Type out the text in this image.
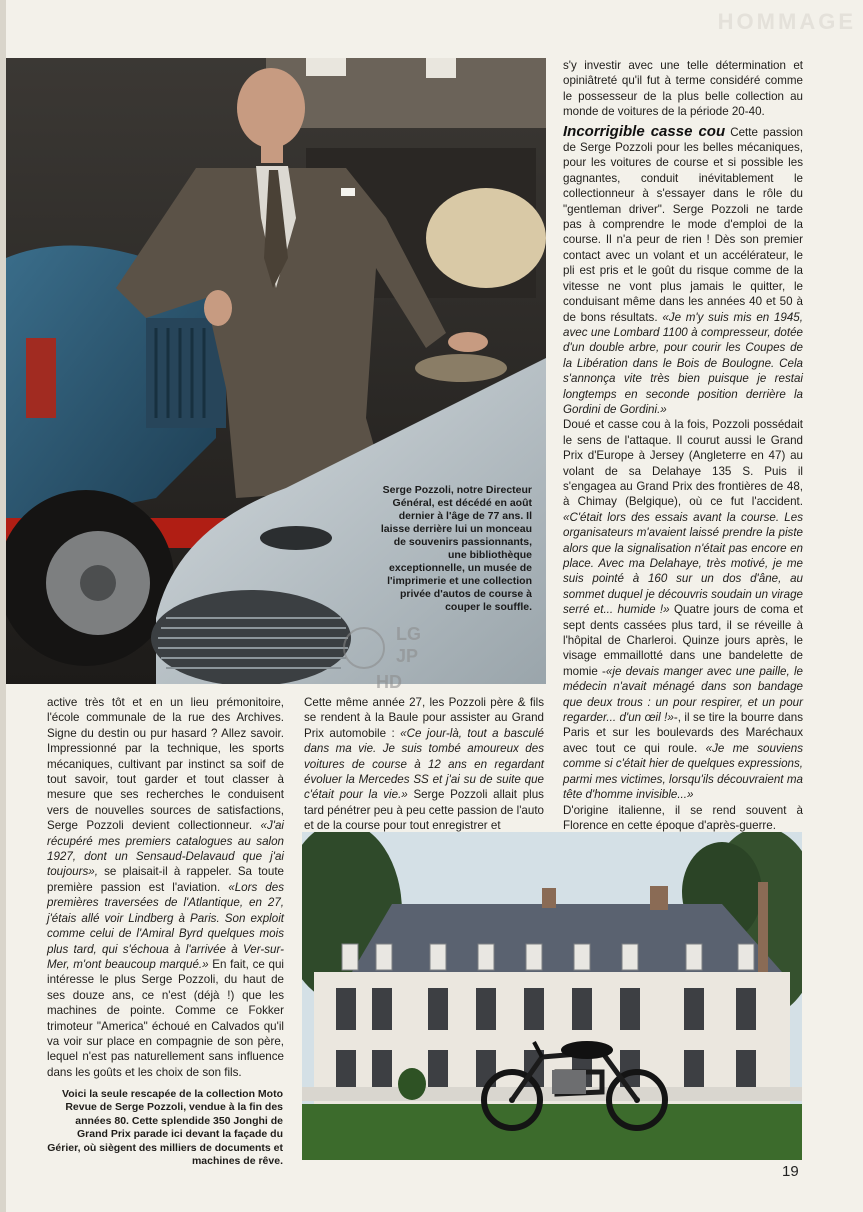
HOMMAGE
Serge Pozzoli, notre Directeur Général, est décédé en août dernier à l'âge de 77 ans. Il laisse derrière lui un monceau de souvenirs passionnants, une bibliothèque exceptionnelle, un musée de l'imprimerie et une collection privée d'autos de course à couper le souffle.
LG
JP
HD

s'y investir avec une telle détermination et opiniâtreté qu'il fut à terme considéré comme le possesseur de la plus belle collection au monde de voitures de la période 20-40.

Incorrigible casse cou Cette passion de Serge Pozzoli pour les belles mécaniques, pour les voitures de course et si possible les gagnantes, conduit inévitablement le collectionneur à s'essayer dans le rôle du "gentleman driver". Serge Pozzoli ne tarde pas à comprendre le mode d'emploi de la course. Il n'a peur de rien ! Dès son premier contact avec un volant et un accélérateur, le pli est pris et le goût du risque comme de la vitesse ne vont plus jamais le quitter, le conduisant même dans les années 40 et 50 à de bons résultats. «Je m'y suis mis en 1945, avec une Lombard 1100 à compresseur, dotée d'un double arbre, pour courir les Coupes de la Libération dans le Bois de Boulogne. Cela s'annonça vite très bien puisque je restai longtemps en seconde position derrière la Gordini de Gordini.»

Doué et casse cou à la fois, Pozzoli possédait le sens de l'attaque. Il courut aussi le Grand Prix d'Europe à Jersey (Angleterre en 47) au volant de sa Delahaye 135 S. Puis il s'engagea au Grand Prix des frontières de 48, à Chimay (Belgique), où ce fut l'accident. «C'était lors des essais avant la course. Les organisateurs m'avaient laissé prendre la piste alors que la signalisation n'était pas encore en place. Avec ma Delahaye, très motivé, je me suis pointé à 160 sur un dos d'âne, au sommet duquel je découvris soudain un virage serré et... humide !» Quatre jours de coma et sept dents cassées plus tard, il se réveille à l'hôpital de Charleroi. Quinze jours après, le visage emmaillotté dans une bandelette de momie -«je devais manger avec une paille, le médecin n'avait ménagé dans son bandage que deux trous : un pour respirer, et un pour regarder... d'un œil !»-, il se tire la bourre dans Paris et sur les boulevards des Maréchaux avec tout ce qui roule. «Je me souviens comme si c'était hier de quelques expressions, parmi mes victimes, lorsqu'ils découvraient ma tête d'homme invisible...»

D'origine italienne, il se rend souvent à Florence en cette époque d'après-guerre.

active très tôt et en un lieu prémonitoire, l'école communale de la rue des Archives. Signe du destin ou pur hasard ? Allez savoir. Impressionné par la technique, les sports mécaniques, cultivant par instinct sa soif de tout savoir, tout garder et tout classer à mesure que ses recherches le conduisent vers de nouvelles sources de satisfactions, Serge Pozzoli devient collectionneur. «J'ai récupéré mes premiers catalogues au salon 1927, dont un Sensaud-Delavaud que j'ai toujours», se plaisait-il à rappeler. Sa toute première passion est l'aviation. «Lors des premières traversées de l'Atlantique, en 27, j'étais allé voir Lindberg à Paris. Son exploit comme celui de l'Amiral Byrd quelques mois plus tard, qui s'échoua à l'arrivée à Ver-sur-Mer, m'ont beaucoup marqué.» En fait, ce qui intéresse le plus Serge Pozzoli, du haut de ses douze ans, ce n'est (déjà !) que les machines de pointe. Comme ce Fokker trimoteur "America" échoué en Calvados qu'il va voir sur place en compagnie de son père, lequel n'est pas naturellement sans influence dans les goûts et les choix de son fils.

Cette même année 27, les Pozzoli père & fils se rendent à la Baule pour assister au Grand Prix automobile : «Ce jour-là, tout a basculé dans ma vie. Je suis tombé amoureux des voitures de course à 12 ans en regardant évoluer la Mercedes SS et j'ai su de suite que c'était pour la vie.» Serge Pozzoli allait plus tard pénétrer peu à peu cette passion de l'auto et de la course pour tout enregistrer et

Voici la seule rescapée de la collection Moto Revue de Serge Pozzoli, vendue à la fin des années 80. Cette splendide 350 Jonghi de Grand Prix parade ici devant la façade du Gérier, où siègent des milliers de documents et machines de rêve.
19
